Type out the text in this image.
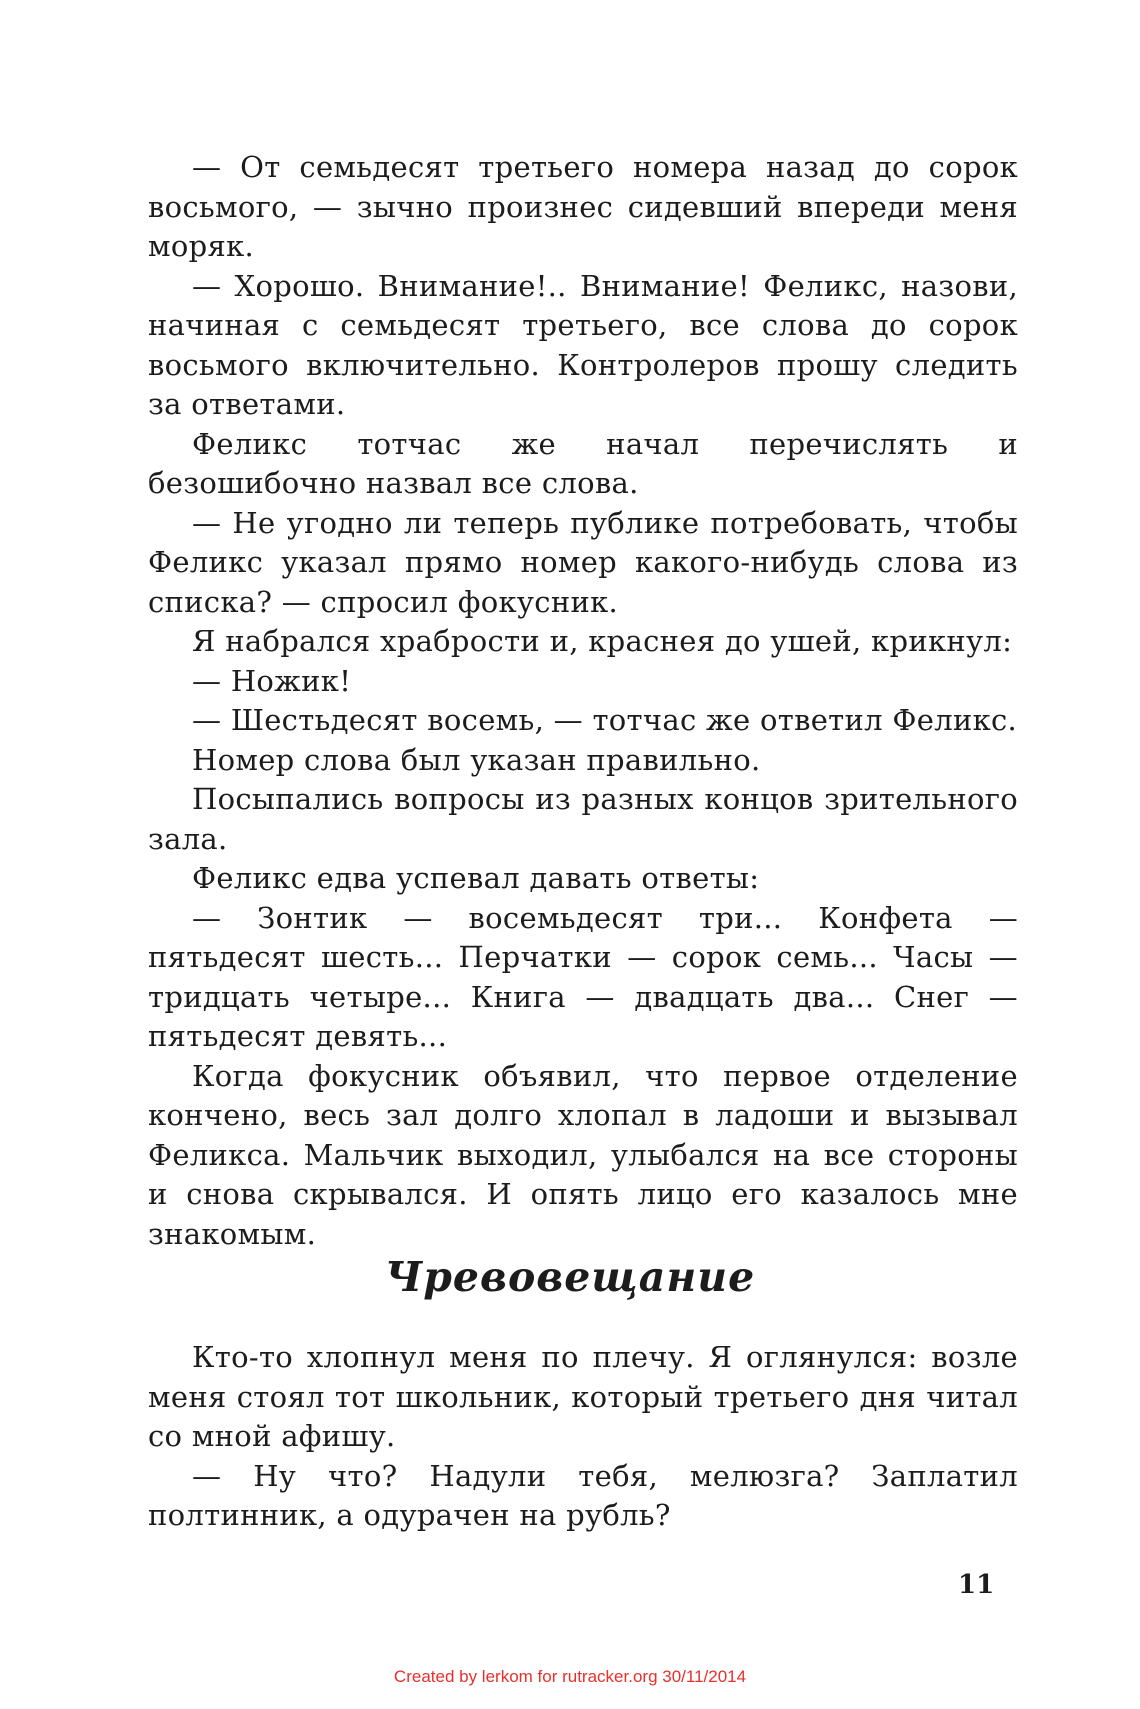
— От семьдесят третьего номера назад до сорок восьмого, — зычно произнес сидевший впереди меня моряк.

— Хорошо. Внимание!.. Внимание! Феликс, назови, начиная с семьдесят третьего, все слова до сорок восьмого включительно. Контролеров прошу следить за ответами.

Феликс тотчас же начал перечислять и безошибочно назвал все слова.

— Не угодно ли теперь публике потребовать, чтобы Феликс указал прямо номер какого-нибудь слова из списка? — спросил фокусник.

Я набрался храбрости и, краснея до ушей, крикнул:

— Ножик!

— Шестьдесят восемь, — тотчас же ответил Феликс.

Номер слова был указан правильно.

Посыпались вопросы из разных концов зрительного зала.

Феликс едва успевал давать ответы:

— Зонтик — восемьдесят три... Конфета — пятьдесят шесть... Перчатки — сорок семь... Часы — тридцать четыре... Книга — двадцать два... Снег — пятьдесят девять...

Когда фокусник объявил, что первое отделение кончено, весь зал долго хлопал в ладоши и вызывал Феликса. Мальчик выходил, улыбался на все стороны и снова скрывался. И опять лицо его казалось мне знакомым.

Чревовещание

Кто-то хлопнул меня по плечу. Я оглянулся: возле меня стоял тот школьник, который третьего дня читал со мной афишу.

— Ну что? Надули тебя, мелюзга? Заплатил полтинник, а одурачен на рубль?

11
Created by lerkom for rutracker.org 30/11/2014
